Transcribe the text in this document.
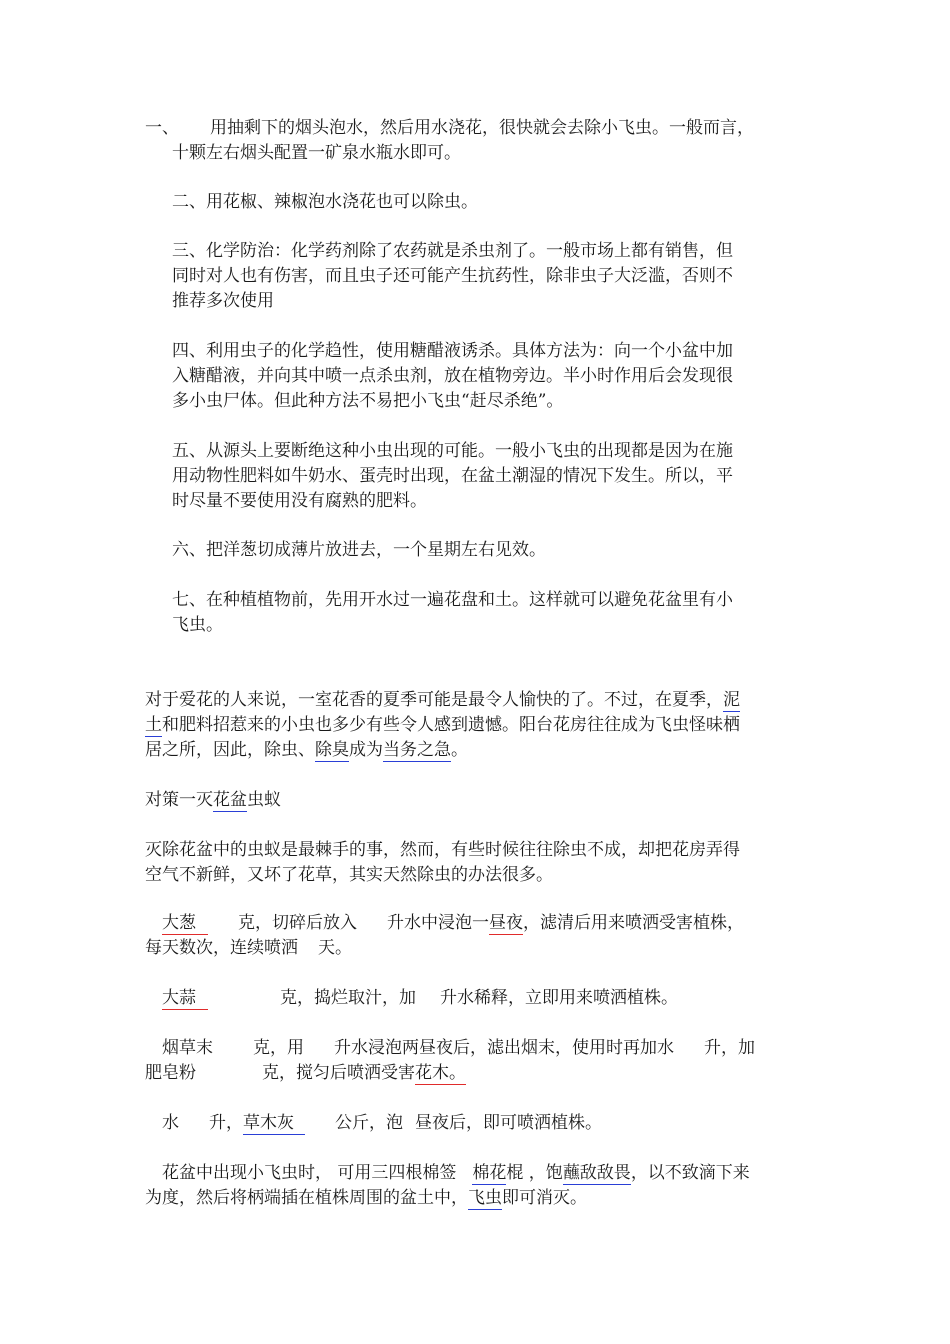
一、 用抽剩下的烟头泡水，然后用水浇花，很快就会去除小飞虫。一般而言，
十颗左右烟头配置一矿泉水瓶水即可。
二、用花椒、辣椒泡水浇花也可以除虫。
三、化学防治：化学药剂除了农药就是杀虫剂了。一般市场上都有销售，但
同时对人也有伤害，而且虫子还可能产生抗药性，除非虫子大泛滥，否则不
推荐多次使用
四、利用虫子的化学趋性，使用糖醋液诱杀。具体方法为：向一个小盆中加
入糖醋液，并向其中喷一点杀虫剂，放在植物旁边。半小时作用后会发现很
多小虫尸体。但此种方法不易把小飞虫“赶尽杀绝”。
五、从源头上要断绝这种小虫出现的可能。一般小飞虫的出现都是因为在施
用动物性肥料如牛奶水、蛋壳时出现，在盆土潮湿的情况下发生。所以，平
时尽量不要使用没有腐熟的肥料。
六、把洋葱切成薄片放进去，一个星期左右见效。
七、在种植植物前，先用开水过一遍花盘和土。这样就可以避免花盆里有小
飞虫。
对于爱花的人来说，一室花香的夏季可能是最令人愉快的了。不过，在夏季，泥
土和肥料招惹来的小虫也多少有些令人感到遗憾。阳台花房往往成为飞虫怪味栖
居之所，因此，除虫、除臭成为当务之急。
对策一灭花盆虫蚁
灭除花盆中的虫蚁是最棘手的事，然而，有些时候往往除虫不成，却把花房弄得
空气不新鲜，又坏了花草，其实天然除虫的办法很多。
大葱 克，切碎后放入 升水中浸泡一昼夜，滤清后用来喷洒受害植株，
每天数次，连续喷洒 天。
大蒜	克，捣烂取汁，加 升水稀释，立即用来喷洒植株。
烟草末 克，用 升水浸泡两昼夜后，滤出烟末，使用时再加水 升，加
肥皂粉	克，搅匀后喷洒受害花木。
水 升，草木灰 公斤，泡 昼夜后，即可喷洒植株。
花盆中出现小飞虫时， 可用三四根棉签 棉花棍 ，饱蘸敌敌畏，以不致滴下来
为度，然后将柄端插在植株周围的盆土中，飞虫即可消灭。
